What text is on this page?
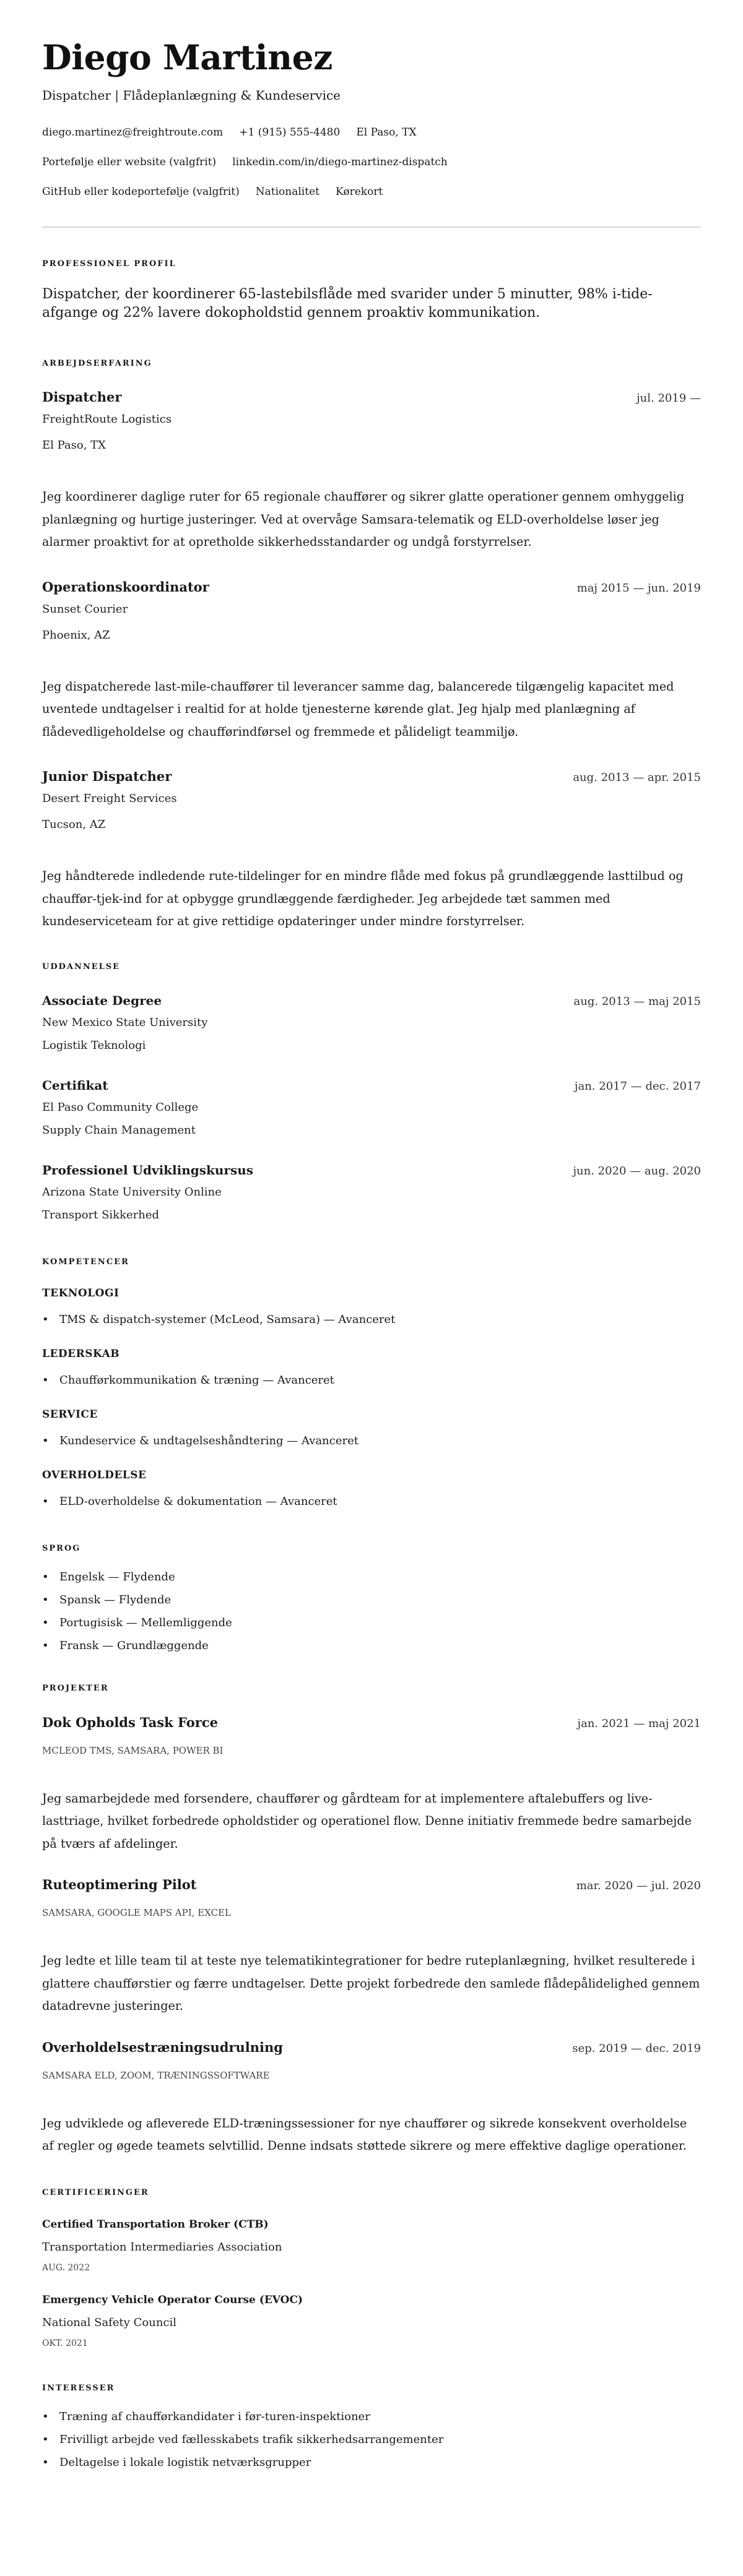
Diego Martinez
Dispatcher | Flådeplanlægning & Kundeservice
diego.martinez@freightroute.com +1 (915) 555-4480 El Paso, TX
Portefølje eller website (valgfrit) linkedin.com/in/diego-martinez-dispatch
GitHub eller kodeportefølje (valgfrit) Nationalitet Kørekort
PROFESSIONEL PROFIL
Dispatcher, der koordinerer 65-lastebilsflåde med svarider under 5 minutter, 98% i-tide-afgange og 22% lavere dokopholdstid gennem proaktiv kommunikation.
ARBEJDSERFARING
Dispatcher	jul. 2019 —
FreightRoute Logistics
El Paso, TX
Jeg koordinerer daglige ruter for 65 regionale chauffører og sikrer glatte operationer gennem omhyggelig planlægning og hurtige justeringer. Ved at overvåge Samsara-telematik og ELD-overholdelse løser jeg alarmer proaktivt for at opretholde sikkerhedsstandarder og undgå forstyrrelser.
Operationskoordinator	maj 2015 — jun. 2019
Sunset Courier
Phoenix, AZ
Jeg dispatcherede last-mile-chauffører til leverancer samme dag, balancerede tilgængelig kapacitet med uventede undtagelser i realtid for at holde tjenesterne kørende glat. Jeg hjalp med planlægning af flådevedligeholdelse og chaufførindførsel og fremmede et pålideligt teammiljø.
Junior Dispatcher	aug. 2013 — apr. 2015
Desert Freight Services
Tucson, AZ
Jeg håndterede indledende rute-tildelinger for en mindre flåde med fokus på grundlæggende lasttilbud og chauffør-tjek-ind for at opbygge grundlæggende færdigheder. Jeg arbejdede tæt sammen med kundeserviceteam for at give rettidige opdateringer under mindre forstyrrelser.
UDDANNELSE
Associate Degree	aug. 2013 — maj 2015
New Mexico State University
Logistik Teknologi
Certifikat	jan. 2017 — dec. 2017
El Paso Community College
Supply Chain Management
Professionel Udviklingskursus	jun. 2020 — aug. 2020
Arizona State University Online
Transport Sikkerhed
KOMPETENCER
TEKNOLOGI
• TMS & dispatch-systemer (McLeod, Samsara) — Avanceret
LEDERSKAB
• Chaufførkommunikation & træning — Avanceret
SERVICE
• Kundeservice & undtagelseshåndtering — Avanceret
OVERHOLDELSE
• ELD-overholdelse & dokumentation — Avanceret
SPROG
• Engelsk — Flydende
• Spansk — Flydende
• Portugisisk — Mellemliggende
• Fransk — Grundlæggende
PROJEKTER
Dok Opholds Task Force	jan. 2021 — maj 2021
MCLEOD TMS, SAMSARA, POWER BI
Jeg samarbejdede med forsendere, chauffører og gårdteam for at implementere aftalebuffers og live-lasttriage, hvilket forbedrede opholdstider og operationel flow. Denne initiativ fremmede bedre samarbejde på tværs af afdelinger.
Ruteoptimering Pilot	mar. 2020 — jul. 2020
SAMSARA, GOOGLE MAPS API, EXCEL
Jeg ledte et lille team til at teste nye telematikintegrationer for bedre ruteplanlægning, hvilket resulterede i glattere chaufførstier og færre undtagelser. Dette projekt forbedrede den samlede flådepålidelighed gennem datadrevne justeringer.
Overholdelsestræningsudrulning	sep. 2019 — dec. 2019
SAMSARA ELD, ZOOM, TRÆNINGSSOFTWARE
Jeg udviklede og afleverede ELD-træningssessioner for nye chauffører og sikrede konsekvent overholdelse af regler og øgede teamets selvtillid. Denne indsats støttede sikrere og mere effektive daglige operationer.
CERTIFICERINGER
Certified Transportation Broker (CTB)
Transportation Intermediaries Association
AUG. 2022
Emergency Vehicle Operator Course (EVOC)
National Safety Council
OKT. 2021
INTERESSER
• Træning af chaufførkandidater i før-turen-inspektioner
• Frivilligt arbejde ved fællesskabets trafik sikkerhedsarrangementer
• Deltagelse i lokale logistik netværksgrupper
